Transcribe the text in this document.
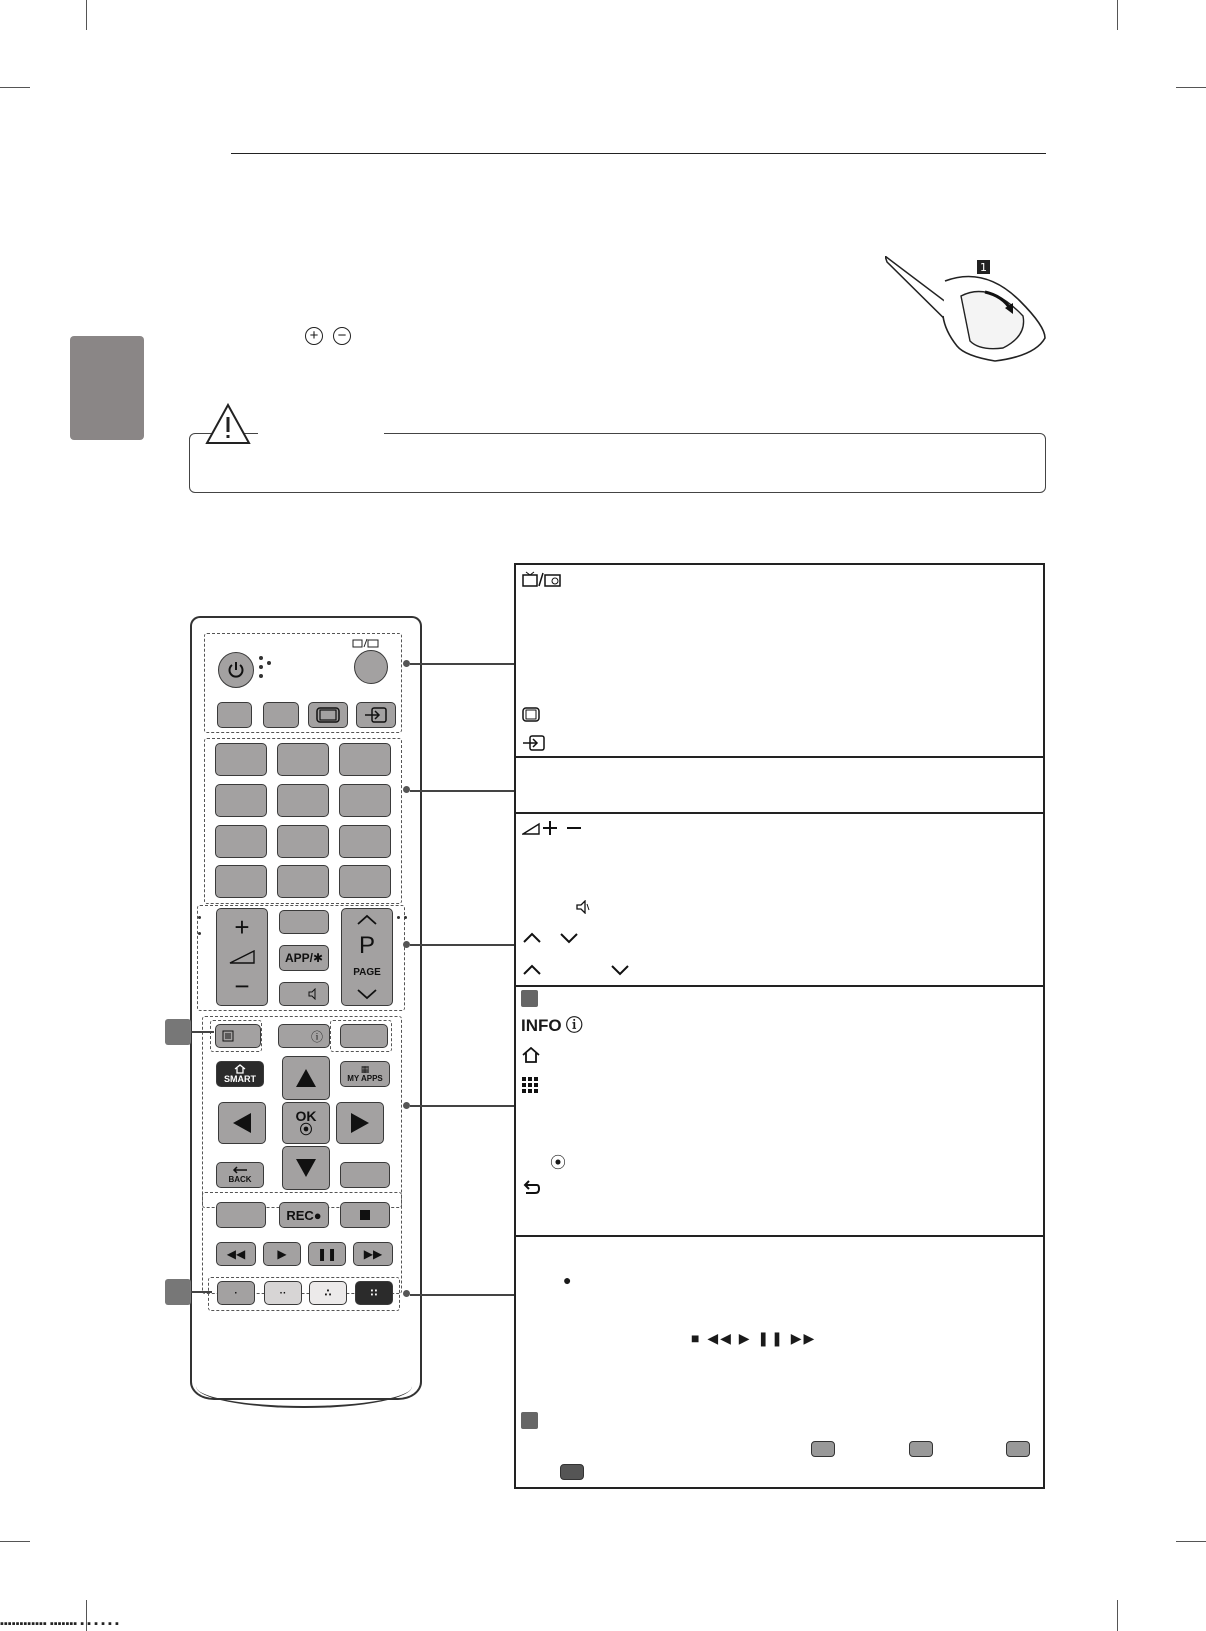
+ −
1
+
−
APP/✱ P
PAGE
ⓘ
SMART
▦
MY APPS
OK
⦿
BACK
REC●
◀◀	▶	❚❚ ▶▶
·	··	∴	∷
INFO ⓘ
⦿
●
■ ◀◀ ▶ ❚❚ ▶▶
▪▪▪▪▪▪▪▪▪▪▪▪ ▪▪▪▪▪▪▪ ▪ ▪ ▪ ▪ ▪ ▪
